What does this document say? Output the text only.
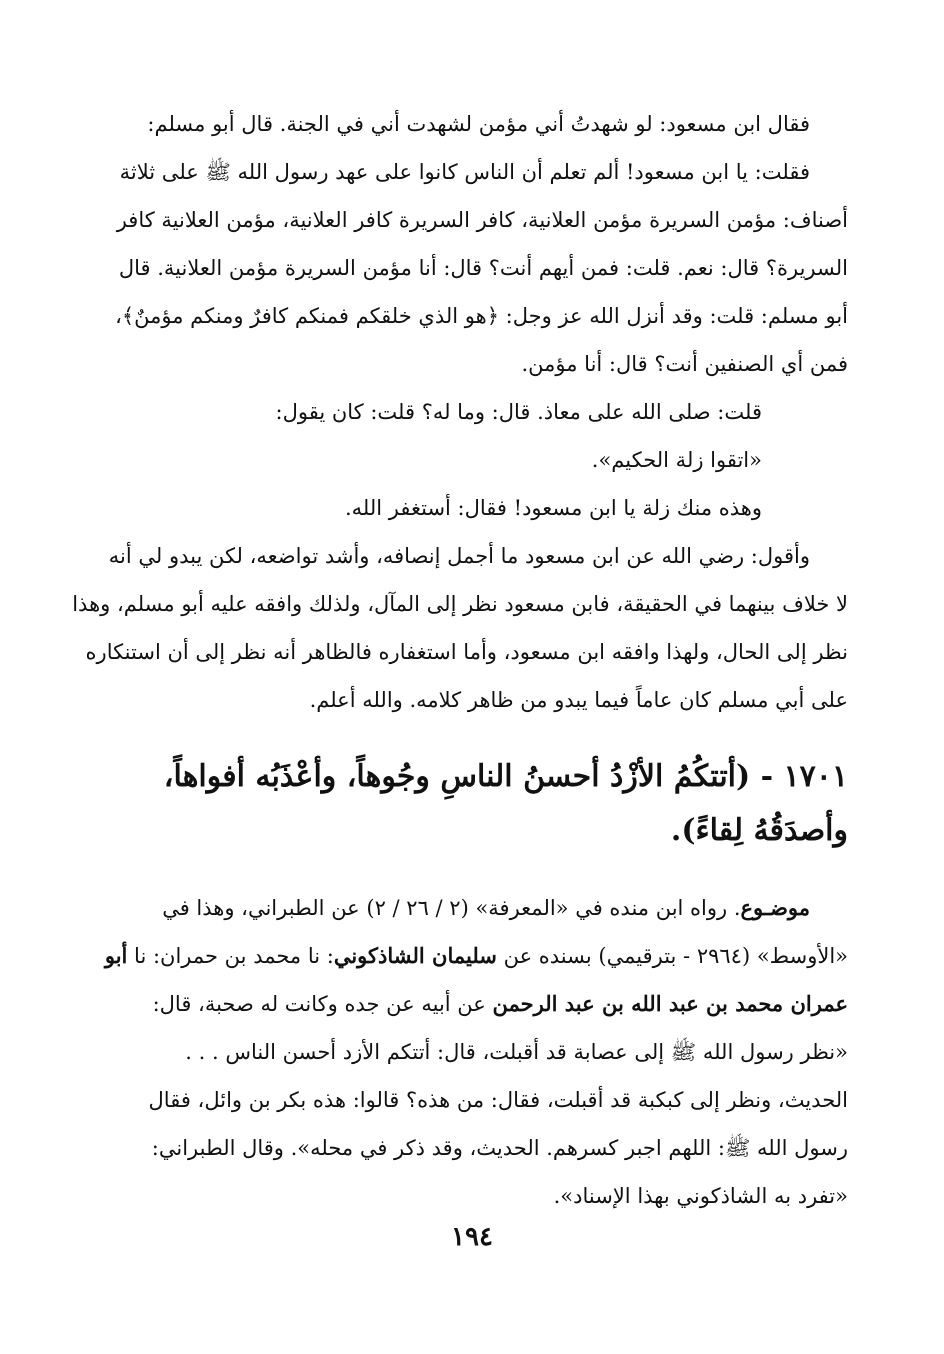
فقال ابن مسعود: لو شهدتُ أني مؤمن لشهدت أني في الجنة. قال أبو مسلم:
فقلت: يا ابن مسعود! ألم تعلم أن الناس كانوا على عهد رسول الله ﷺ على ثلاثة
أصناف: مؤمن السريرة مؤمن العلانية، كافر السريرة كافر العلانية، مؤمن العلانية كافر
السريرة؟ قال: نعم. قلت: فمن أيهم أنت؟ قال: أنا مؤمن السريرة مؤمن العلانية. قال
أبو مسلم: قلت: وقد أنزل الله عز وجل: ﴿هو الذي خلقكم فمنكم كافرٌ ومنكم مؤمنٌ﴾،
فمن أي الصنفين أنت؟ قال: أنا مؤمن.
قلت: صلى الله على معاذ. قال: وما له؟ قلت: كان يقول:
«اتقوا زلة الحكيم».
وهذه منك زلة يا ابن مسعود! فقال: أستغفر الله.
وأقول: رضي الله عن ابن مسعود ما أجمل إنصافه، وأشد تواضعه، لكن يبدو لي أنه
لا خلاف بينهما في الحقيقة، فابن مسعود نظر إلى المآل، ولذلك وافقه عليه أبو مسلم، وهذا
نظر إلى الحال، ولهذا وافقه ابن مسعود، وأما استغفاره فالظاهر أنه نظر إلى أن استنكاره
على أبي مسلم كان عاماً فيما يبدو من ظاهر كلامه. والله أعلم.
١٧٠١ - (أتتكُمُ الأزْدُ أحسنُ الناسِ وجُوهاً، وأعْذَبُه أفواهاً،
وأصدَقُهُ لِقاءً).
موضـوع. رواه ابن منده في «المعرفة» (٢ / ٢٦ / ٢) عن الطبراني، وهذا في
«الأوسط» (٢٩٦٤ - بترقيمي) بسنده عن سليمان الشاذكوني: نا محمد بن حمران: نا أبو
عمران محمد بن عبد الله بن عبد الرحمن عن أبيه عن جده وكانت له صحبة، قال:
«نظر رسول الله ﷺ إلى عصابة قد أقبلت، قال: أتتكم الأزد أحسن الناس . . .
الحديث، ونظر إلى كبكبة قد أقبلت، فقال: من هذه؟ قالوا: هذه بكر بن وائل، فقال
رسول الله ﷺ: اللهم اجبر كسرهم. الحديث، وقد ذكر في محله». وقال الطبراني:
«تفرد به الشاذكوني بهذا الإسناد».
١٩٤
